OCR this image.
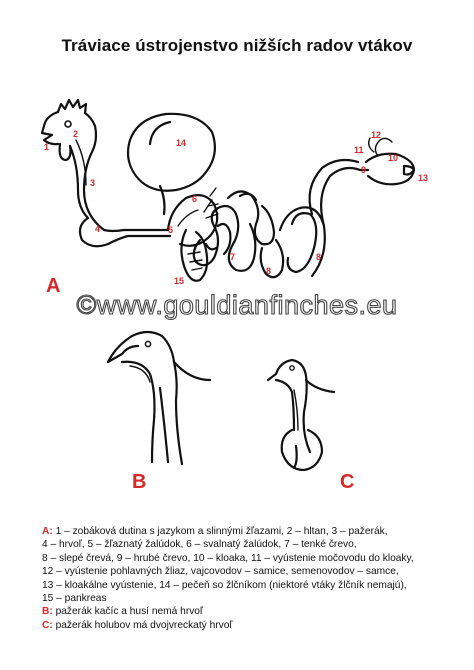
Tráviace ústrojenstvo nižších radov vtákov
1
2
3
4	5
6
7
8
8
9
10
11
12
13
14
15
A
B	C
©www.gouldianfinches.eu
A: 1 – zobáková dutina s jazykom a slinnými žľazami, 2 – hltan, 3 – pažerák,
4 – hrvoľ, 5 – žľaznatý žalúdok, 6 – svalnatý žalúdok, 7 – tenké črevo,
8 – slepé črevá, 9 – hrubé črevo, 10 – kloaka, 11 – vyústenie močovodu do kloaky,
12 – vyústenie pohlavných žliaz, vajcovodov – samice, semenovodov – samce,
13 – kloakálne vyústenie, 14 – pečeň so žlčníkom (niektoré vtáky žlčník nemajú),
15 – pankreas
B: pažerák kačíc a husí nemá hrvoľ
C: pažerák holubov má dvojvreckatý hrvoľ
